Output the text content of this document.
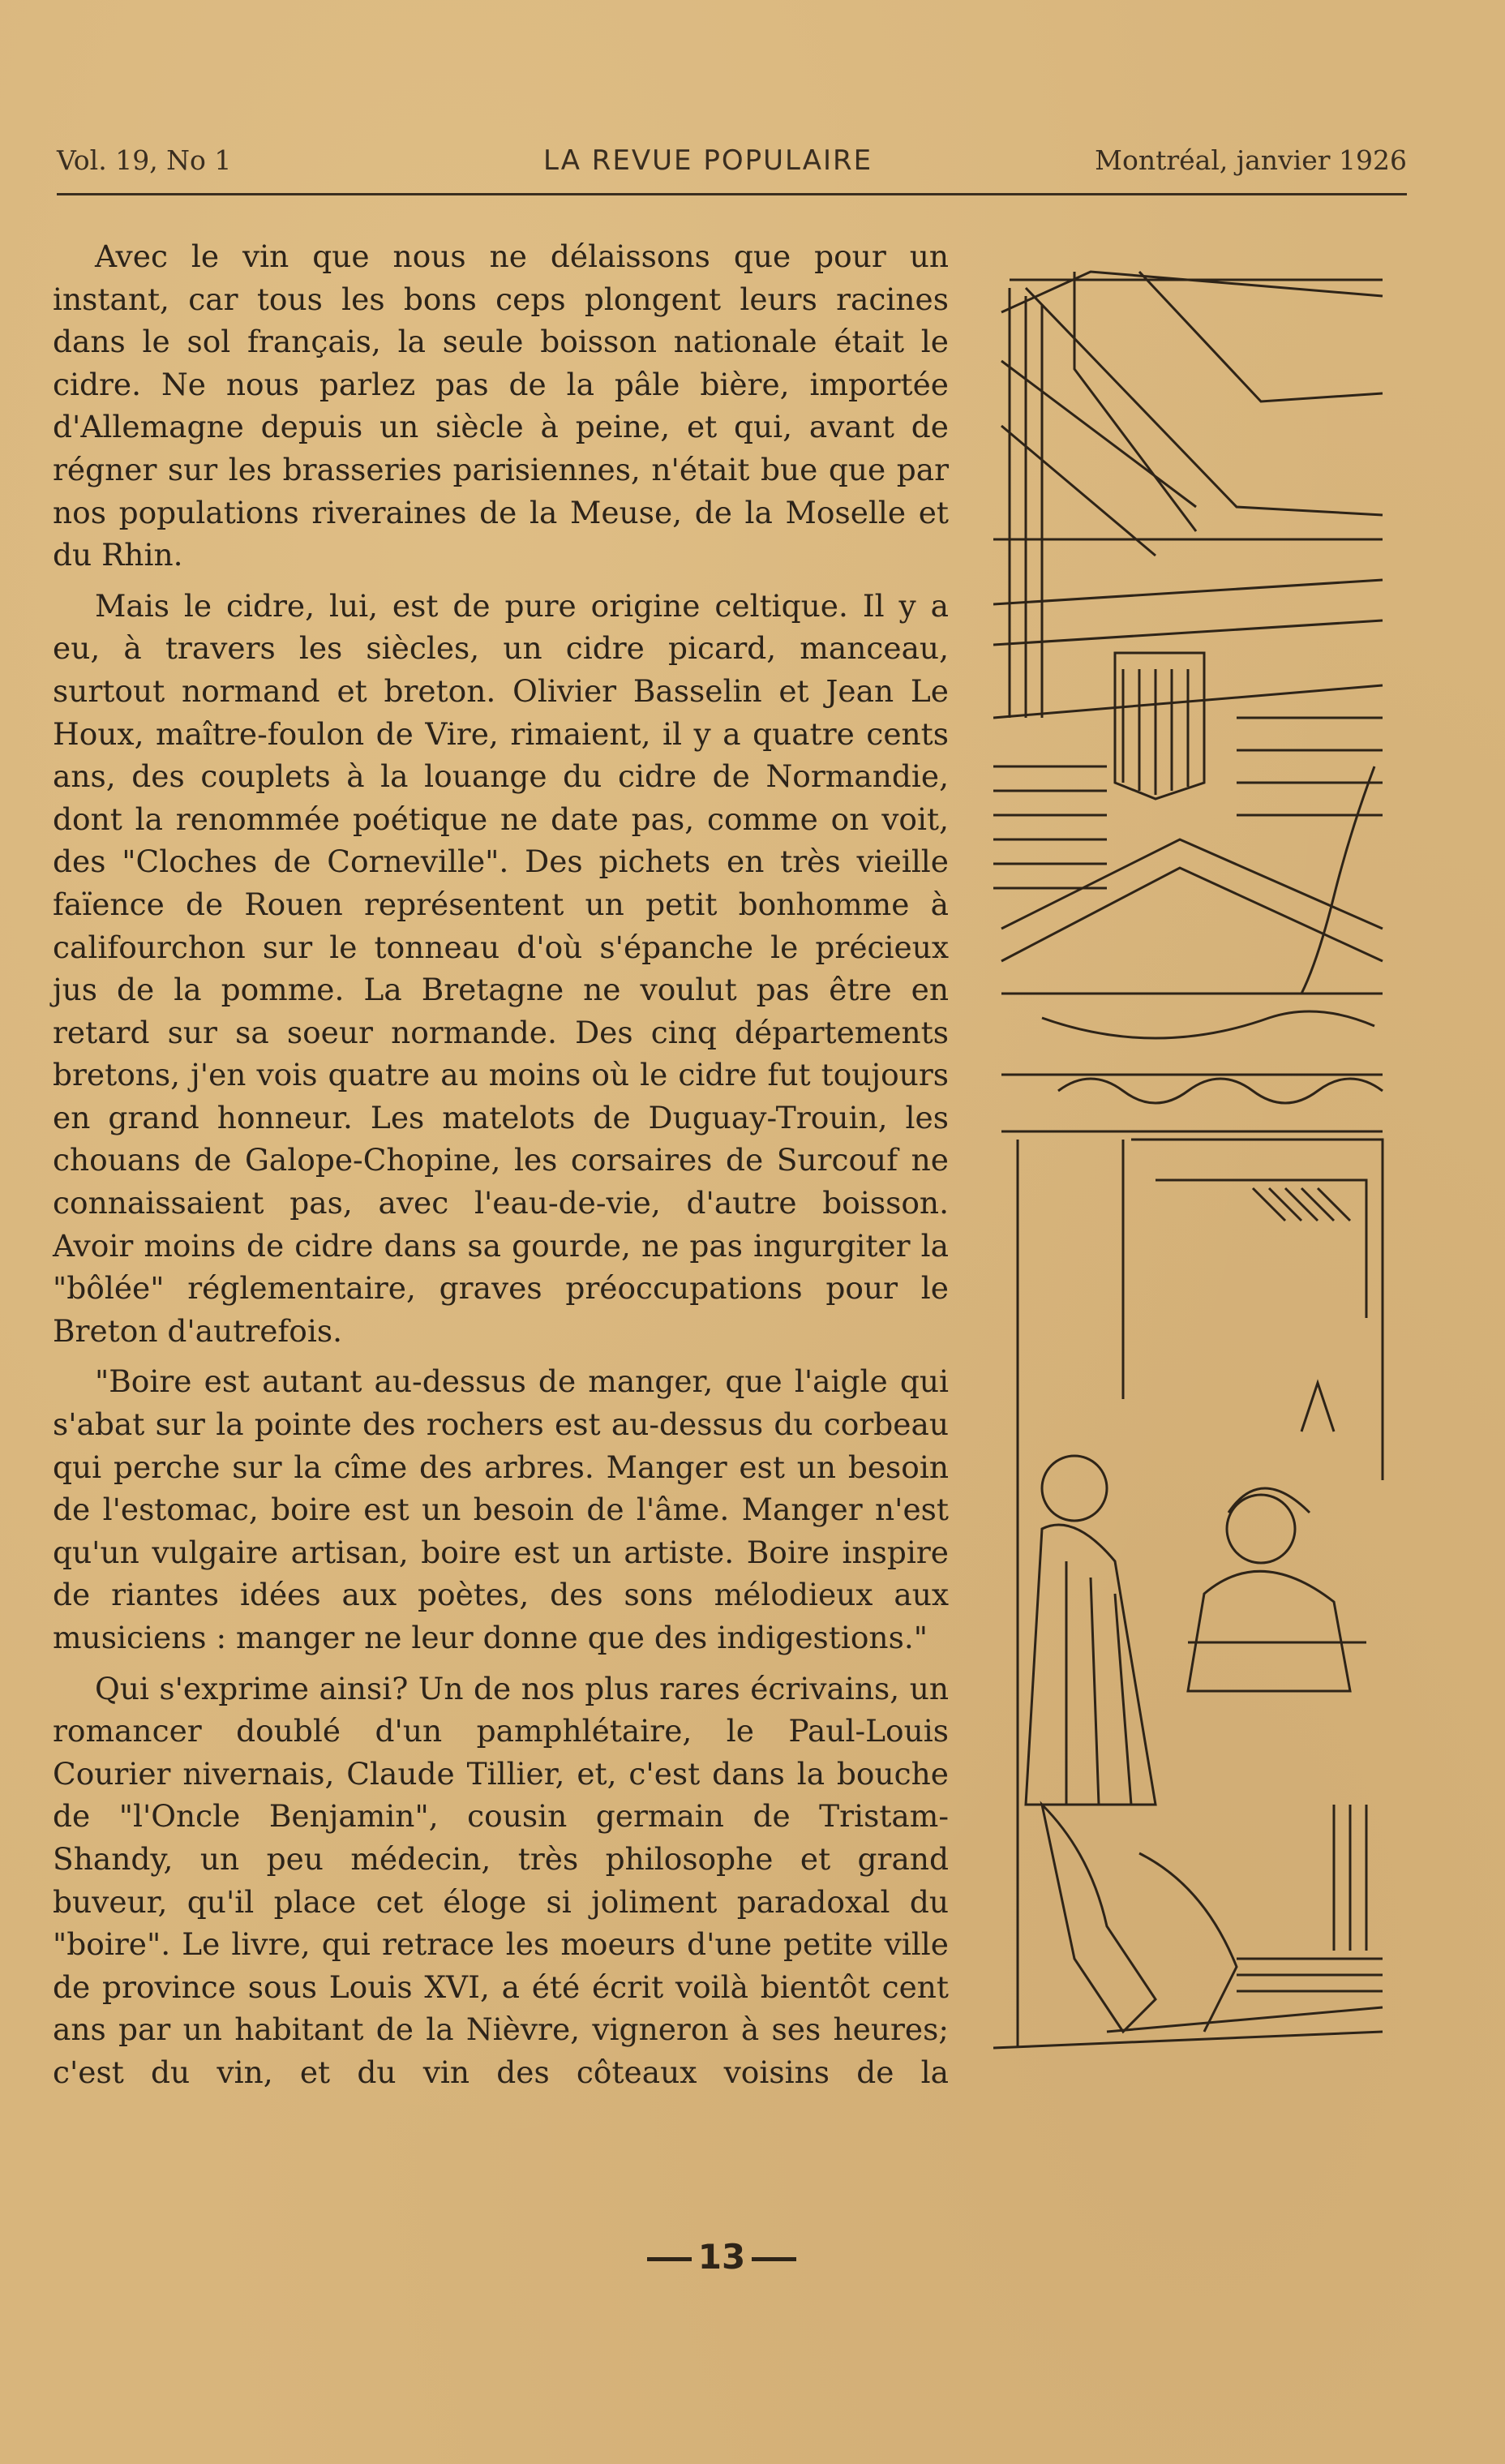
Vol. 19, No 1	LA REVUE POPULAIRE	Montréal, janvier 1926

Avec le vin que nous ne délaissons que pour un instant, car tous les bons ceps plongent leurs racines dans le sol français, la seule boisson nationale était le cidre. Ne nous parlez pas de la pâle bière, importée d'Allemagne depuis un siècle à peine, et qui, avant de régner sur les brasseries parisiennes, n'était bue que par nos populations riveraines de la Meuse, de la Moselle et du Rhin.

Mais le cidre, lui, est de pure origine celtique. Il y a eu, à travers les siècles, un cidre picard, manceau, surtout normand et breton. Olivier Basselin et Jean Le Houx, maître-foulon de Vire, rimaient, il y a quatre cents ans, des couplets à la louange du cidre de Normandie, dont la renommée poétique ne date pas, comme on voit, des "Cloches de Corneville". Des pichets en très vieille faïence de Rouen représentent un petit bonhomme à califourchon sur le tonneau d'où s'épanche le précieux jus de la pomme. La Bretagne ne voulut pas être en retard sur sa soeur normande. Des cinq départements bretons, j'en vois quatre au moins où le cidre fut toujours en grand honneur. Les matelots de Duguay-Trouin, les chouans de Galope-Chopine, les corsaires de Surcouf ne connaissaient pas, avec l'eau-de-vie, d'autre boisson. Avoir moins de cidre dans sa gourde, ne pas ingurgiter la "bôlée" réglementaire, graves préoccupations pour le Breton d'autrefois.

"Boire est autant au-dessus de manger, que l'aigle qui s'abat sur la pointe des rochers est au-dessus du corbeau qui perche sur la cîme des arbres. Manger est un besoin de l'estomac, boire est un besoin de l'âme. Manger n'est qu'un vulgaire artisan, boire est un artiste. Boire inspire de riantes idées aux poètes, des sons mélodieux aux musiciens : manger ne leur donne que des indigestions."

Qui s'exprime ainsi? Un de nos plus rares écrivains, un romancer doublé d'un pamphlétaire, le Paul-Louis Courier nivernais, Claude Tillier, et, c'est dans la bouche de "l'Oncle Benjamin", cousin germain de Tristam-Shandy, un peu médecin, très philosophe et grand buveur, qu'il place cet éloge si joliment paradoxal du "boire". Le livre, qui retrace les moeurs d'une petite ville de province sous Louis XVI, a été écrit voilà bientôt cent ans par un habitant de la Nièvre, vigneron à ses heures; c'est du vin, et du vin des côteaux voisins de la

13
